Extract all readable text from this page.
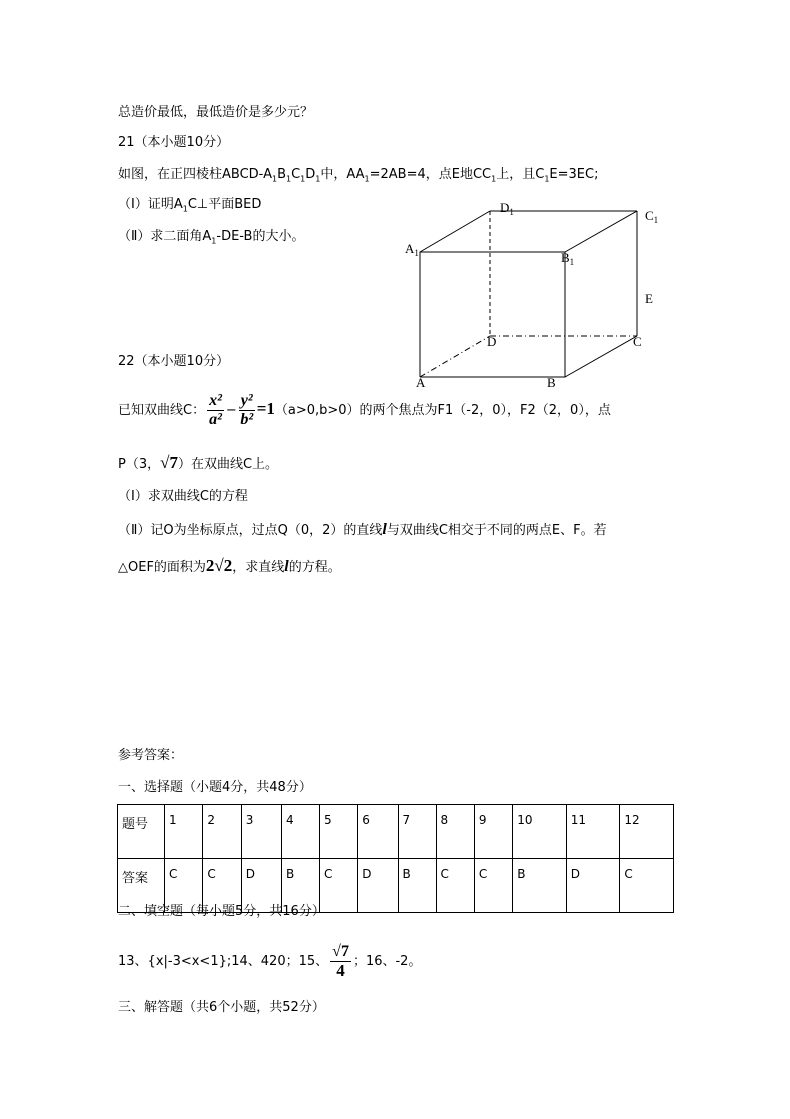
总造价最低，最低造价是多少元？
21（本小题10分）
如图，在正四棱柱ABCD-$A_1B_1C_1D_1$中，$AA_1=2AB=4$，点E地$CC_1$上，且$C_1E=3EC$;
（Ⅰ）证明$A_1C\perp$平面BED
（Ⅱ）求二面角$A_1-DE-B$的大小。
$D_1$	$C_1$
$A_1$	$B_1$
E
D	C
A	B
22（本小题10分）
已知双曲线C： $\frac{\text{x²}}{\text{a²}} - \frac{\text{y²}}{\text{b²}} =1(a>0,b>0)$的两个焦点为F1（-2，0），F2（2，0），点
P（3，√7）在双曲线C上。
（Ⅰ）求双曲线C的方程
（Ⅱ）记O为坐标原点，过点Q（0，2）的直线l与双曲线C相交于不同的两点E、F。若
△OEF的面积为2√2，求直线l的方程。
参考答案：
一、选择题（小题4分，共48分）
题号	1	2	3	4	5	6	7	8	9	10	11	12
答案	C	C	D	B	C	D	B	C	C	B	D	C
二、填空题（每小题5分，共16分）
13、{x|-3<x<1};14、420；15、 $\frac{√7}{4}$ ；16、-2。
三、解答题（共6个小题，共52分）
